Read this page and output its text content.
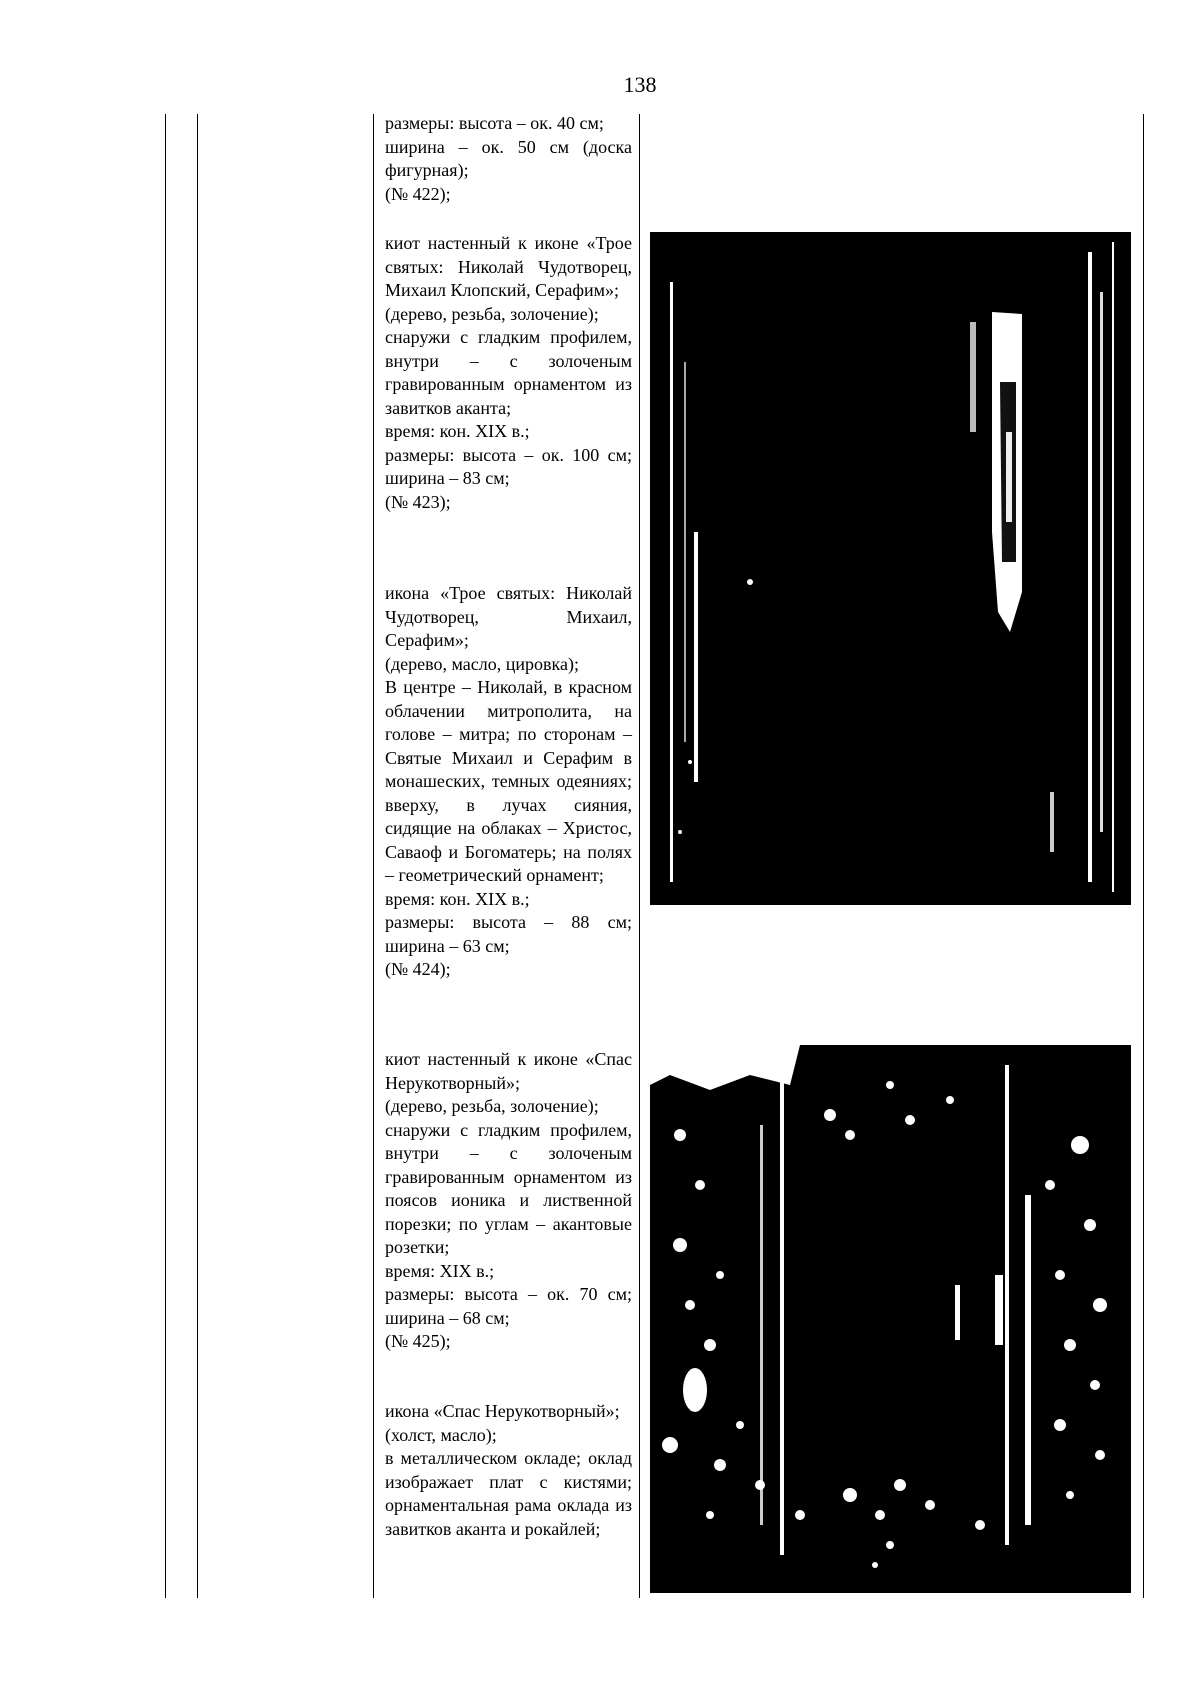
138

размеры: высота – ок. 40 см;

ширина – ок. 50 см (доска фигурная);

(№ 422);

киот настенный к иконе «Трое святых: Николай Чудотворец, Михаил Клопский, Серафим»;

(дерево, резьба, золочение);

снаружи с гладким профилем, внутри – с золоченым гравированным орнаментом из завитков аканта;

время: кон. XIX в.;

размеры: высота – ок. 100 см; ширина – 83 см;

(№ 423);

икона «Трое святых: Николай Чудотворец, Михаил, Серафим»;

(дерево, масло, цировка);

В центре – Николай, в красном облачении митрополита, на голове – митра; по сторонам – Святые Михаил и Серафим в монашеских, темных одеяниях; вверху, в лучах сияния, сидящие на облаках – Христос, Саваоф и Богоматерь; на полях – геометрический орнамент;

время: кон. XIX в.;

размеры: высота – 88 см; ширина – 63 см;

(№ 424);

киот настенный к иконе «Спас Нерукотворный»;

(дерево, резьба, золочение);

снаружи с гладким профилем, внутри – с золоченым гравированным орнаментом из поясов ионика и лиственной порезки; по углам – акантовые розетки;

время: XIX в.;

размеры: высота – ок. 70 см; ширина – 68 см;

(№ 425);

икона «Спас Нерукотворный»;

(холст, масло);

в металлическом окладе; оклад изображает плат с кистями; орнаментальная рама оклада из завитков аканта и рокайлей;
